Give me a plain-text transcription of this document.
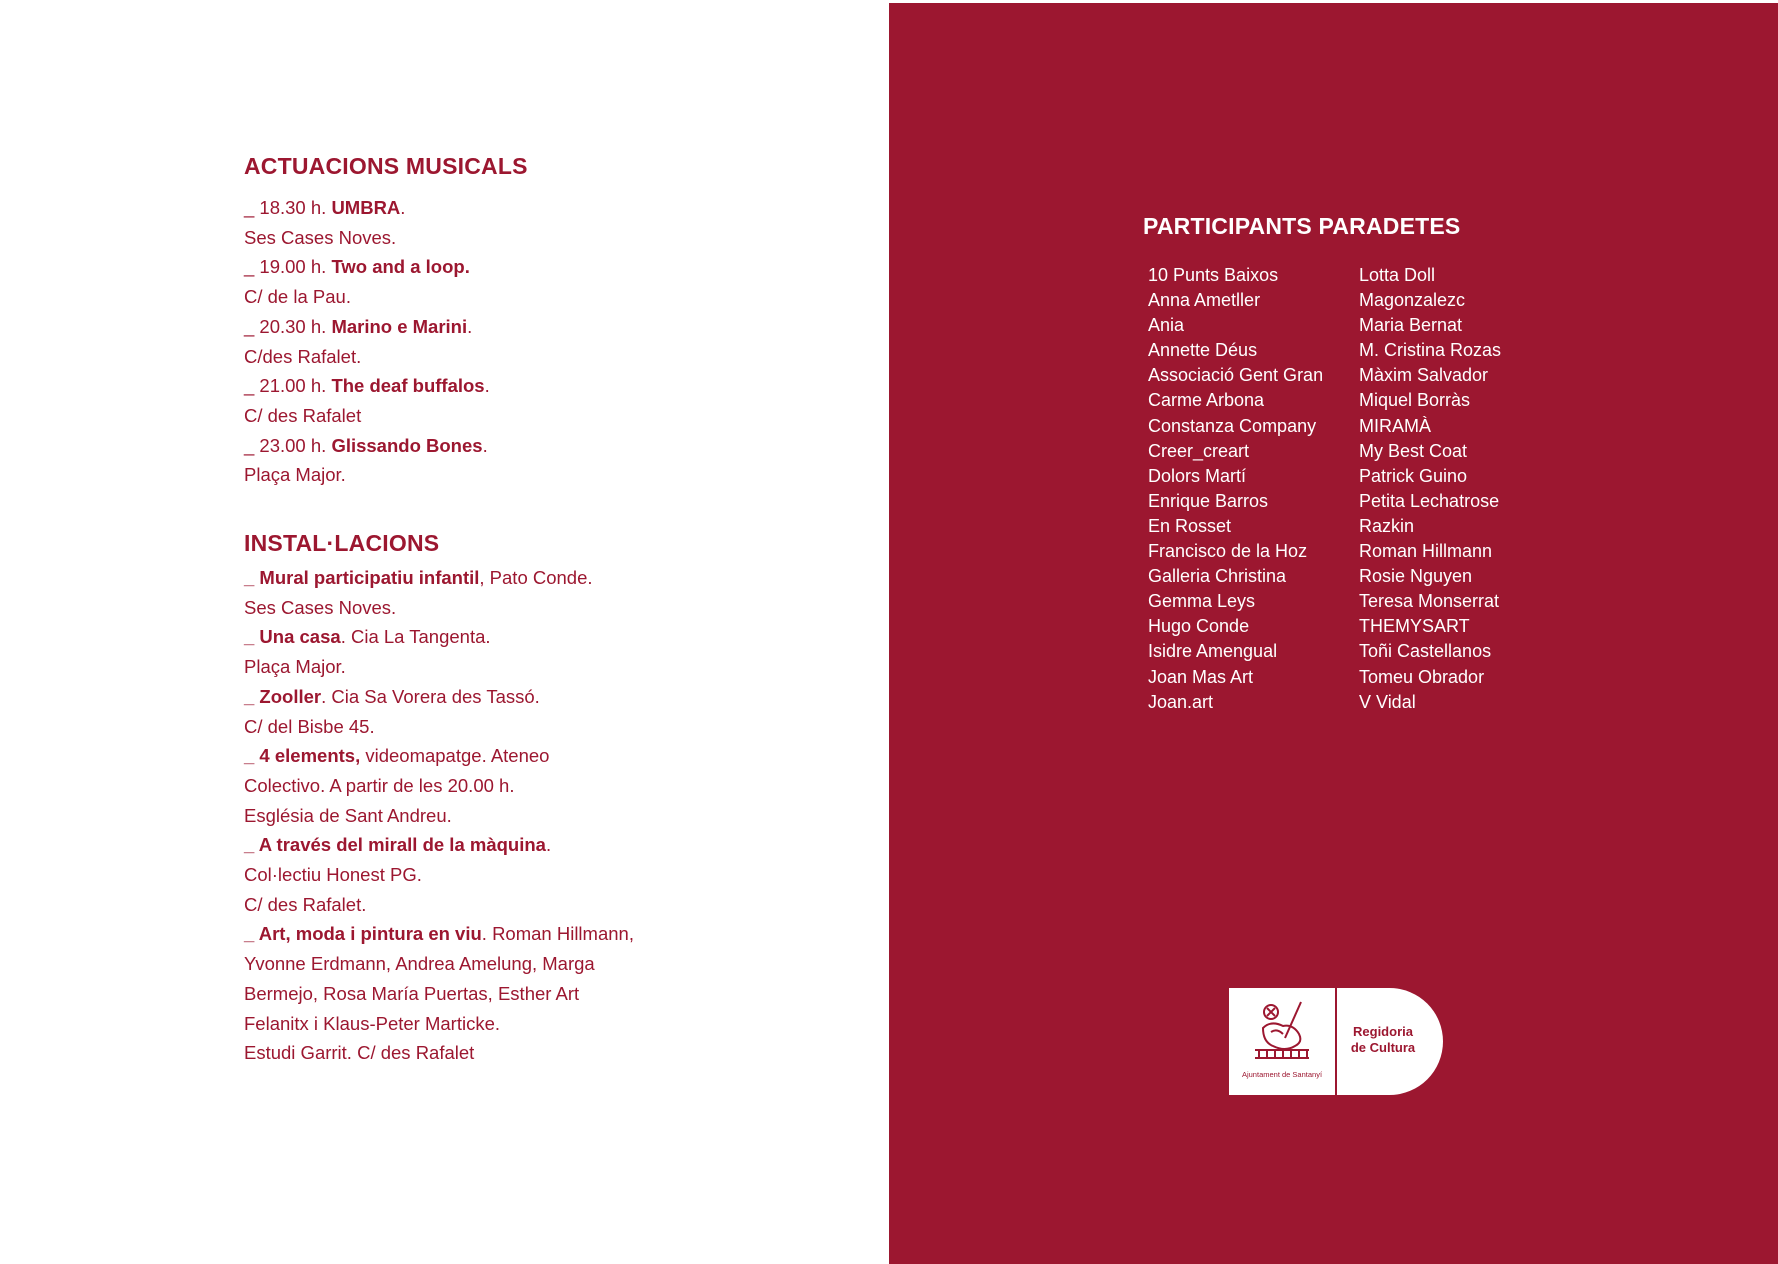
ACTUACIONS MUSICALS
_ 18.30 h. UMBRA.
Ses Cases Noves.
_ 19.00 h. Two and a loop.
C/ de la Pau.
_ 20.30 h. Marino e Marini.
C/des Rafalet.
_ 21.00 h. The deaf buffalos.
C/ des Rafalet
_ 23.00 h. Glissando Bones.
Plaça Major.
INSTAL·LACIONS
_ Mural participatiu infantil, Pato Conde.
Ses Cases Noves.
_ Una casa. Cia La Tangenta.
Plaça Major.
_ Zooller. Cia Sa Vorera des Tassó.
C/ del Bisbe 45.
_ 4 elements, videomapatge. Ateneo
Colectivo. A partir de les 20.00 h.
Església de Sant Andreu.
_ A través del mirall de la màquina.
Col·lectiu Honest PG.
C/ des Rafalet.
_ Art, moda i pintura en viu. Roman Hillmann,
Yvonne Erdmann, Andrea Amelung, Marga
Bermejo, Rosa María Puertas, Esther Art
Felanitx i Klaus-Peter Marticke.
Estudi Garrit. C/ des Rafalet
PARTICIPANTS PARADETES
10 Punts Baixos
Anna Ametller
Ania
Annette Déus
Associació Gent Gran
Carme Arbona
Constanza Company
Creer_creart
Dolors Martí
Enrique Barros
En Rosset
Francisco de la Hoz
Galleria Christina
Gemma Leys
Hugo Conde
Isidre Amengual
Joan Mas Art
Joan.art
Lotta Doll
Magonzalezc
Maria Bernat
M. Cristina Rozas
Màxim Salvador
Miquel Borràs
MIRAMÀ
My Best Coat
Patrick Guino
Petita Lechatrose
Razkin
Roman Hillmann
Rosie Nguyen
Teresa Monserrat
THEMYSART
Toñi Castellanos
Tomeu Obrador
V Vidal
Ajuntament de Santanyí
Regidoria
de Cultura
